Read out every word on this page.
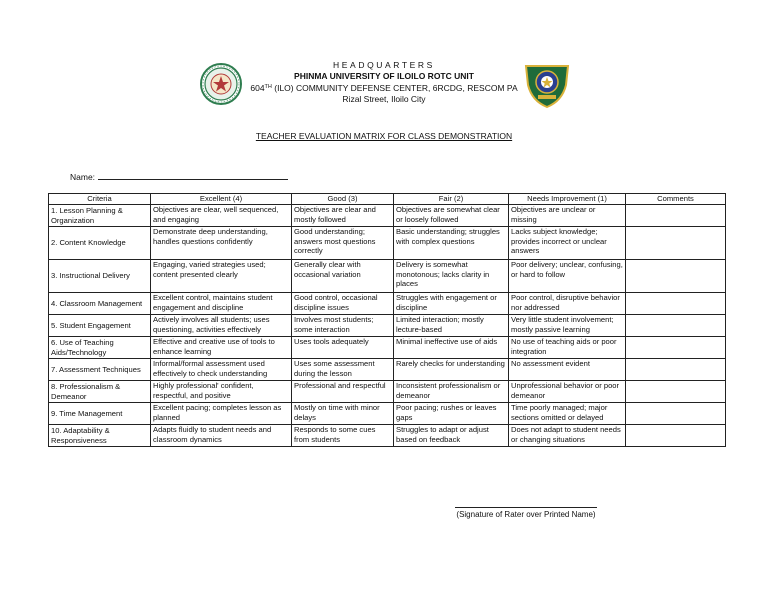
HEADQUARTERS
PHINMA UNIVERSITY OF ILOILO ROTC UNIT
604TH (ILO) COMMUNITY DEFENSE CENTER, 6RCDG, RESCOM PA
Rizal Street, Iloilo City
TEACHER EVALUATION MATRIX FOR CLASS DEMONSTRATION
Name:
Criteria	Excellent (4)	Good (3)	Fair (2)	Needs Improvement (1)	Comments
1. Lesson Planning & Organization	Objectives are clear, well sequenced, and engaging	Objectives are clear and mostly followed	Objectives are somewhat clear or loosely followed	Objectives are unclear or missing	
2. Content Knowledge	Demonstrate deep understanding, handles questions confidently	Good understanding; answers most questions correctly	Basic understanding; struggles with complex questions	Lacks subject knowledge; provides incorrect or unclear answers	
3. Instructional Delivery	Engaging, varied strategies used; content presented clearly	Generally clear with occasional variation	Delivery is somewhat monotonous; lacks clarity in places	Poor delivery; unclear, confusing, or hard to follow	
4. Classroom Management	Excellent control, maintains student engagement and discipline	Good control, occasional discipline issues	Struggles with engagement or discipline	Poor control, disruptive behavior nor addressed	
5. Student Engagement	Actively involves all students; uses questioning, activities effectively	Involves most students; some interaction	Limited interaction; mostly lecture-based	Very little student involvement; mostly passive learning	
6. Use of Teaching Aids/Technology	Effective and creative use of tools to enhance learning	Uses tools adequately	Minimal ineffective use of aids	No use of teaching aids or poor integration	
7. Assessment Techniques	Informal/formal assessment used effectively to check understanding	Uses some assessment during the lesson	Rarely checks for understanding	No assessment evident	
8. Professionalism & Demeanor	Highly professional' confident, respectful, and positive	Professional and respectful	Inconsistent professionalism or demeanor	Unprofessional behavior or poor demeanor	
9. Time Management	Excellent pacing; completes lesson as planned	Mostly on time with minor delays	Poor pacing; rushes or leaves gaps	Time poorly managed; major sections omitted or delayed	
10. Adaptability & Responsiveness	Adapts fluidly to student needs and classroom dynamics	Responds to some cues from students	Struggles to adapt or adjust based on feedback	Does not adapt to student needs or changing situations	
(Signature of Rater over Printed Name)
